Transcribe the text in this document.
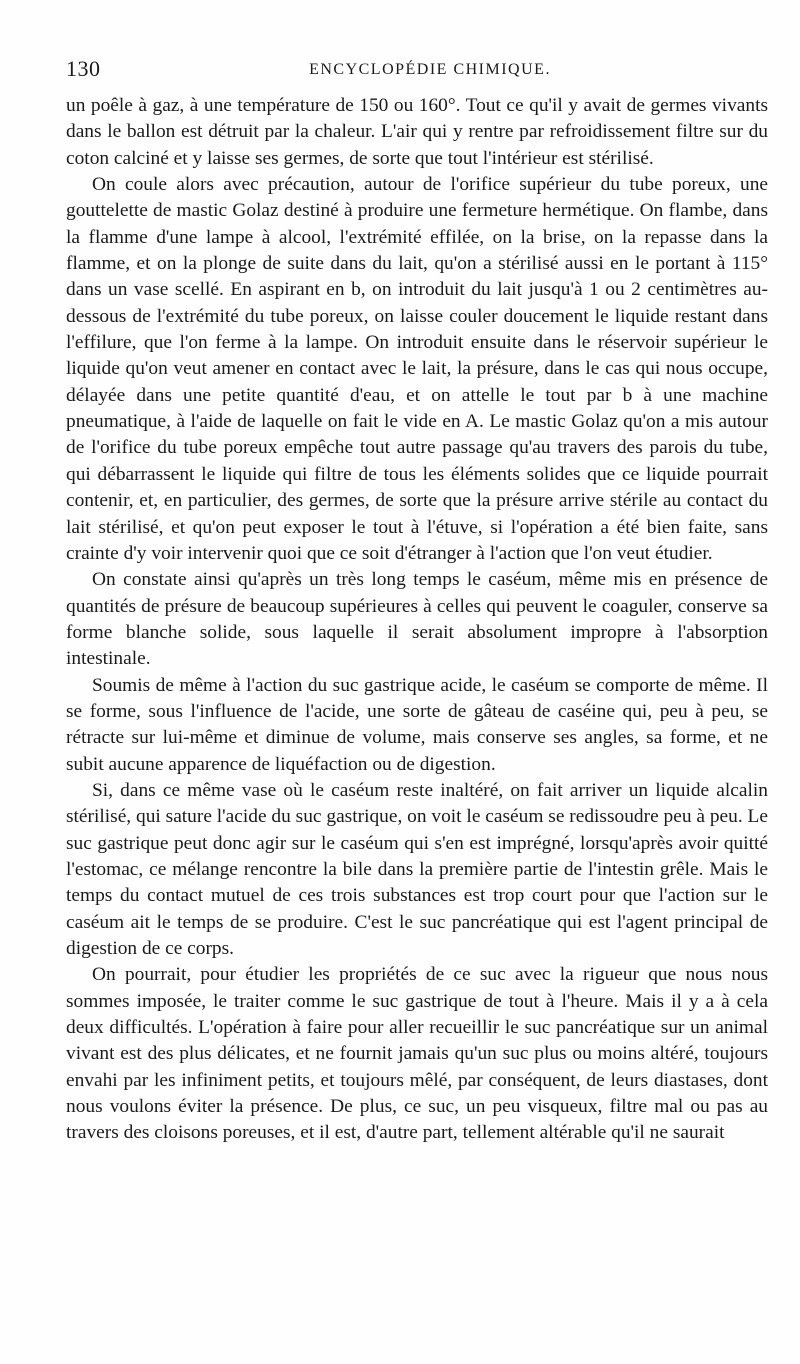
130	ENCYCLOPÉDIE CHIMIQUE.

un poêle à gaz, à une température de 150 ou 160°. Tout ce qu'il y avait de germes vivants dans le ballon est détruit par la chaleur. L'air qui y rentre par refroidissement filtre sur du coton calciné et y laisse ses germes, de sorte que tout l'intérieur est stérilisé.

On coule alors avec précaution, autour de l'orifice supérieur du tube poreux, une gouttelette de mastic Golaz destiné à produire une fermeture hermétique. On flambe, dans la flamme d'une lampe à alcool, l'extrémité effilée, on la brise, on la repasse dans la flamme, et on la plonge de suite dans du lait, qu'on a stérilisé aussi en le portant à 115° dans un vase scellé. En aspirant en b, on introduit du lait jusqu'à 1 ou 2 centimètres au-dessous de l'extrémité du tube poreux, on laisse couler doucement le liquide restant dans l'effilure, que l'on ferme à la lampe. On introduit ensuite dans le réservoir supérieur le liquide qu'on veut amener en contact avec le lait, la présure, dans le cas qui nous occupe, délayée dans une petite quantité d'eau, et on attelle le tout par b à une machine pneumatique, à l'aide de laquelle on fait le vide en A. Le mastic Golaz qu'on a mis autour de l'orifice du tube poreux empêche tout autre passage qu'au travers des parois du tube, qui débarrassent le liquide qui filtre de tous les éléments solides que ce liquide pourrait contenir, et, en particulier, des germes, de sorte que la présure arrive stérile au contact du lait stérilisé, et qu'on peut exposer le tout à l'étuve, si l'opération a été bien faite, sans crainte d'y voir intervenir quoi que ce soit d'étranger à l'action que l'on veut étudier.

On constate ainsi qu'après un très long temps le caséum, même mis en présence de quantités de présure de beaucoup supérieures à celles qui peuvent le coaguler, conserve sa forme blanche solide, sous laquelle il serait absolument impropre à l'absorption intestinale.

Soumis de même à l'action du suc gastrique acide, le caséum se comporte de même. Il se forme, sous l'influence de l'acide, une sorte de gâteau de caséine qui, peu à peu, se rétracte sur lui-même et diminue de volume, mais conserve ses angles, sa forme, et ne subit aucune apparence de liquéfaction ou de digestion.

Si, dans ce même vase où le caséum reste inaltéré, on fait arriver un liquide alcalin stérilisé, qui sature l'acide du suc gastrique, on voit le caséum se redissoudre peu à peu. Le suc gastrique peut donc agir sur le caséum qui s'en est imprégné, lorsqu'après avoir quitté l'estomac, ce mélange rencontre la bile dans la première partie de l'intestin grêle. Mais le temps du contact mutuel de ces trois substances est trop court pour que l'action sur le caséum ait le temps de se produire. C'est le suc pancréatique qui est l'agent principal de digestion de ce corps.

On pourrait, pour étudier les propriétés de ce suc avec la rigueur que nous nous sommes imposée, le traiter comme le suc gastrique de tout à l'heure. Mais il y a à cela deux difficultés. L'opération à faire pour aller recueillir le suc pancréatique sur un animal vivant est des plus délicates, et ne fournit jamais qu'un suc plus ou moins altéré, toujours envahi par les infiniment petits, et toujours mêlé, par conséquent, de leurs diastases, dont nous voulons éviter la présence. De plus, ce suc, un peu visqueux, filtre mal ou pas au travers des cloisons poreuses, et il est, d'autre part, tellement altérable qu'il ne saurait
